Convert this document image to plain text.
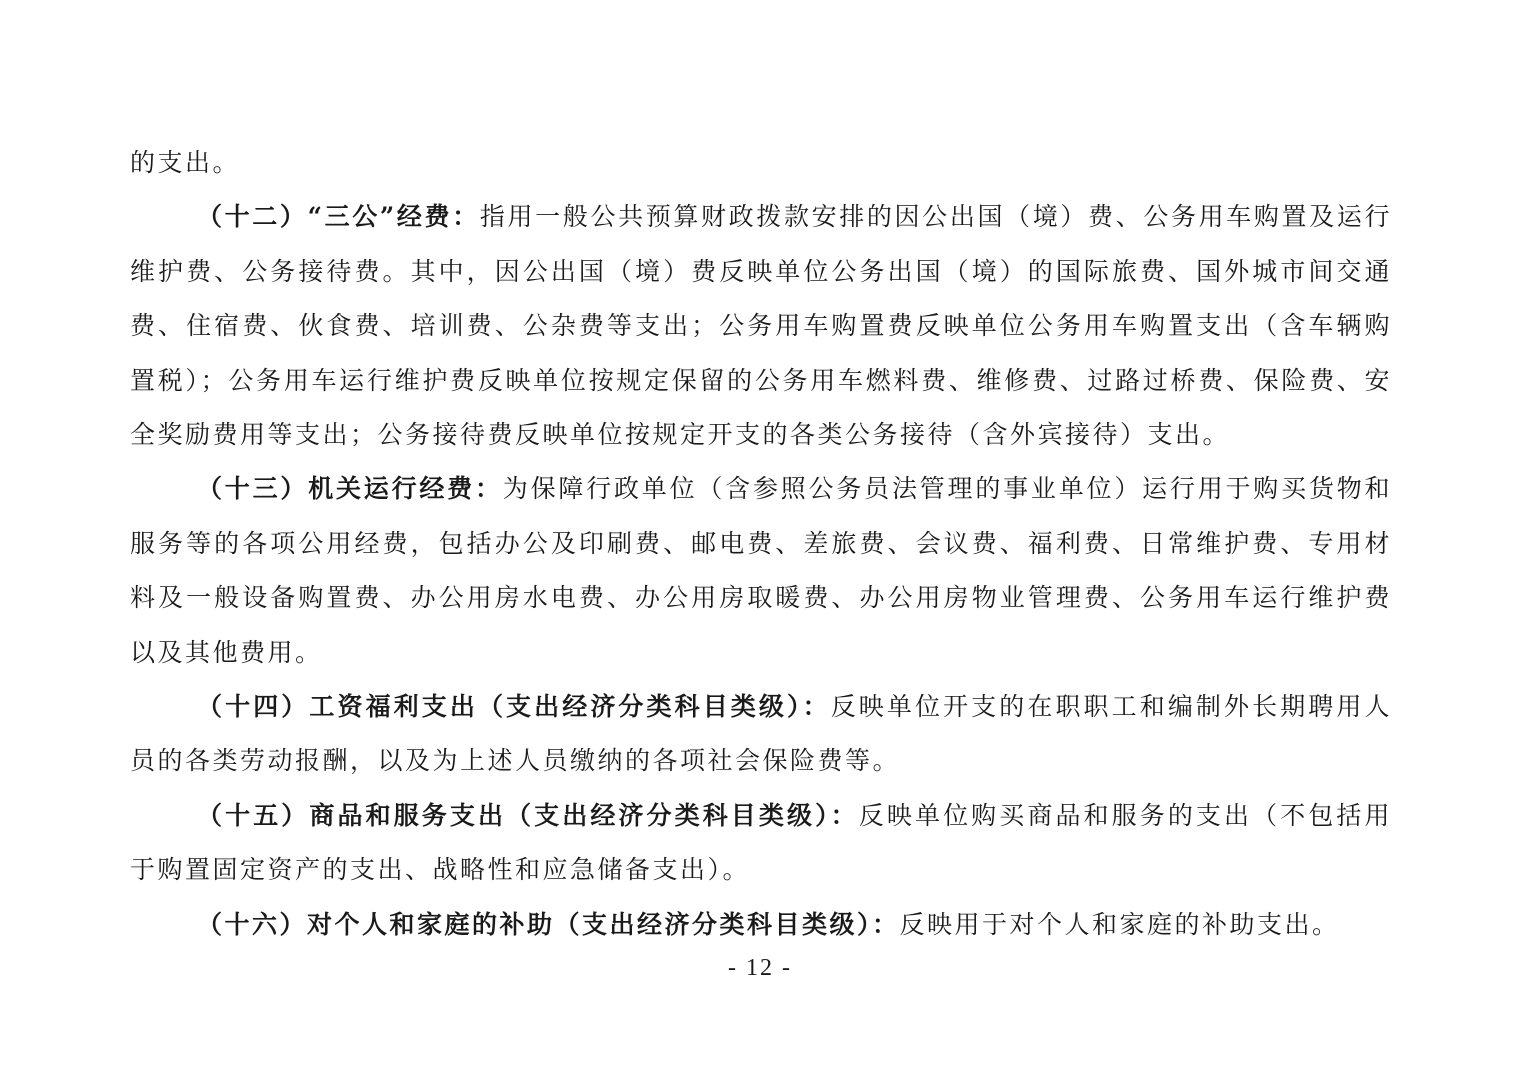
的支出。

（十二）“三公”经费：指用一般公共预算财政拨款安排的因公出国（境）费、公务用车购置及运行维护费、公务接待费。其中，因公出国（境）费反映单位公务出国（境）的国际旅费、国外城市间交通费、住宿费、伙食费、培训费、公杂费等支出；公务用车购置费反映单位公务用车购置支出（含车辆购置税）；公务用车运行维护费反映单位按规定保留的公务用车燃料费、维修费、过路过桥费、保险费、安全奖励费用等支出；公务接待费反映单位按规定开支的各类公务接待（含外宾接待）支出。

（十三）机关运行经费：为保障行政单位（含参照公务员法管理的事业单位）运行用于购买货物和服务等的各项公用经费，包括办公及印刷费、邮电费、差旅费、会议费、福利费、日常维护费、专用材料及一般设备购置费、办公用房水电费、办公用房取暖费、办公用房物业管理费、公务用车运行维护费以及其他费用。

（十四）工资福利支出（支出经济分类科目类级）：反映单位开支的在职职工和编制外长期聘用人员的各类劳动报酬，以及为上述人员缴纳的各项社会保险费等。

（十五）商品和服务支出（支出经济分类科目类级）：反映单位购买商品和服务的支出（不包括用于购置固定资产的支出、战略性和应急储备支出）。

（十六）对个人和家庭的补助（支出经济分类科目类级）：反映用于对个人和家庭的补助支出。

- 12 -
